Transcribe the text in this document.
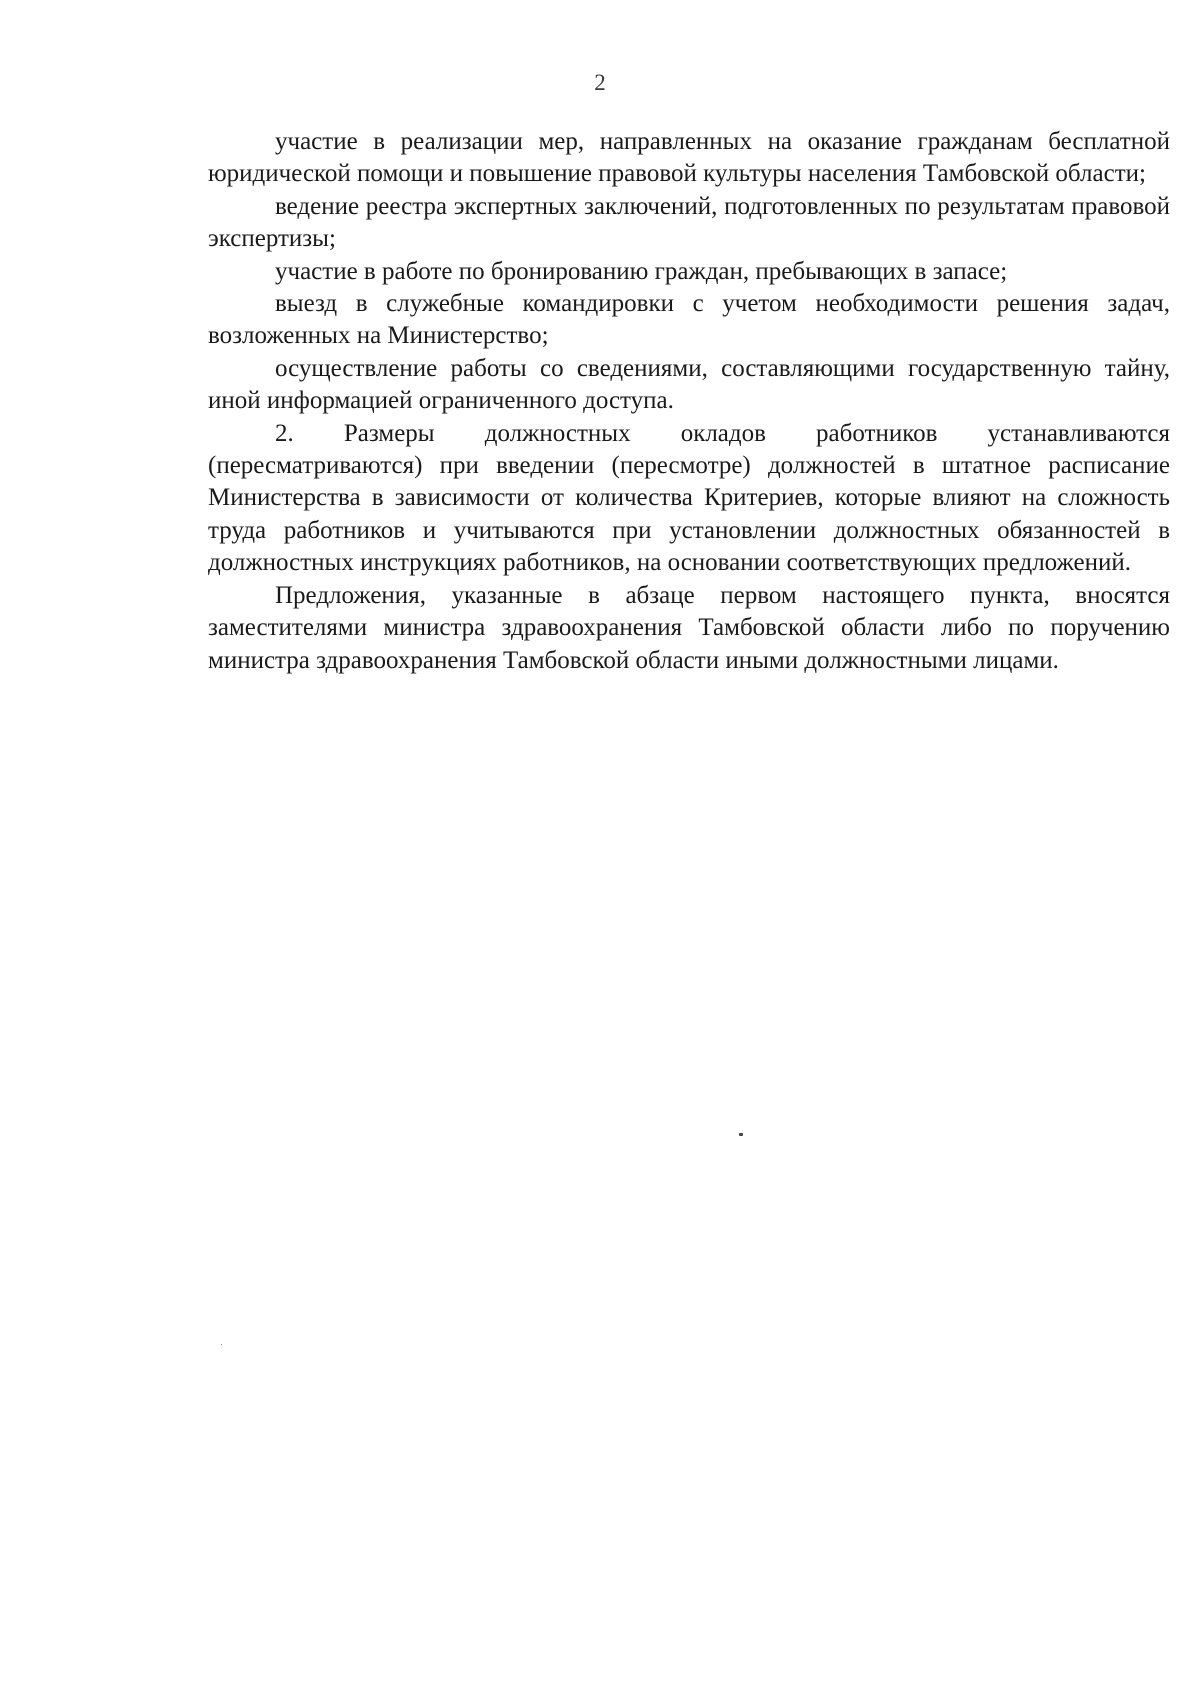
2

участие в реализации мер, направленных на оказание гражданам бесплатной юридической помощи и повышение правовой культуры населения Тамбовской области;

ведение реестра экспертных заключений, подготовленных по результатам правовой экспертизы;

участие в работе по бронированию граждан, пребывающих в запасе;

выезд в служебные командировки с учетом необходимости решения задач, возложенных на Министерство;

осуществление работы со сведениями, составляющими государственную тайну, иной информацией ограниченного доступа.

2. Размеры должностных окладов работников устанавливаются (пересматриваются) при введении (пересмотре) должностей в штатное расписание Министерства в зависимости от количества Критериев, которые влияют на сложность труда работников и учитываются при установлении должностных обязанностей в должностных инструкциях работников, на основании соответствующих предложений.

Предложения, указанные в абзаце первом настоящего пункта, вносятся заместителями министра здравоохранения Тамбовской области либо по поручению министра здравоохранения Тамбовской области иными должностными лицами.
